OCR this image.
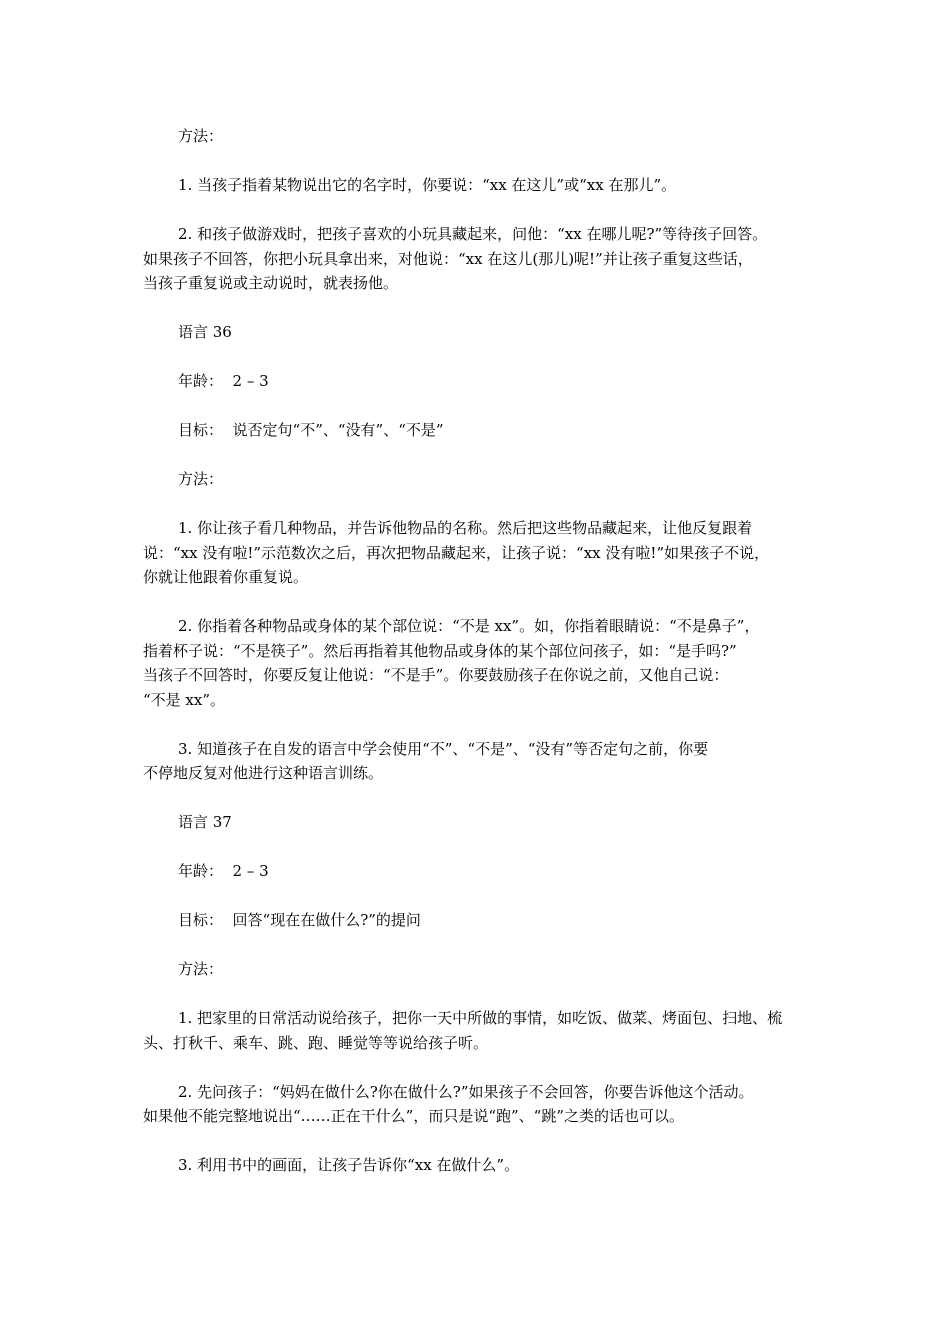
方法：
1. 当孩子指着某物说出它的名字时，你要说：“xx 在这儿”或“xx 在那儿”。
2. 和孩子做游戏时，把孩子喜欢的小玩具藏起来，问他：“xx 在哪儿呢?”等待孩子回答。
如果孩子不回答，你把小玩具拿出来，对他说：“xx 在这儿(那儿)呢!”并让孩子重复这些话，
当孩子重复说或主动说时，就表扬他。
语言 36
年龄：  2 – 3
目标：  说否定句“不”、“没有”、“不是”
方法：
1. 你让孩子看几种物品，并告诉他物品的名称。然后把这些物品藏起来，让他反复跟着
说：“xx 没有啦!”示范数次之后，再次把物品藏起来，让孩子说：“xx 没有啦!”如果孩子不说，
你就让他跟着你重复说。
2. 你指着各种物品或身体的某个部位说：“不是 xx”。如，你指着眼睛说：“不是鼻子”，
指着杯子说：“不是筷子”。然后再指着其他物品或身体的某个部位问孩子，如：“是手吗?”
当孩子不回答时，你要反复让他说：“不是手”。你要鼓励孩子在你说之前，又他自己说：
“不是 xx”。
3. 知道孩子在自发的语言中学会使用“不”、“不是”、“没有”等否定句之前，你要
不停地反复对他进行这种语言训练。
语言 37
年龄：  2 – 3
目标：  回答“现在在做什么?”的提问
方法：
1. 把家里的日常活动说给孩子，把你一天中所做的事情，如吃饭、做菜、烤面包、扫地、梳
头、打秋千、乘车、跳、跑、睡觉等等说给孩子听。
2. 先问孩子：“妈妈在做什么?你在做什么?”如果孩子不会回答，你要告诉他这个活动。
如果他不能完整地说出“……正在干什么”，而只是说“跑”、“跳”之类的话也可以。
3. 利用书中的画面，让孩子告诉你“xx 在做什么”。
